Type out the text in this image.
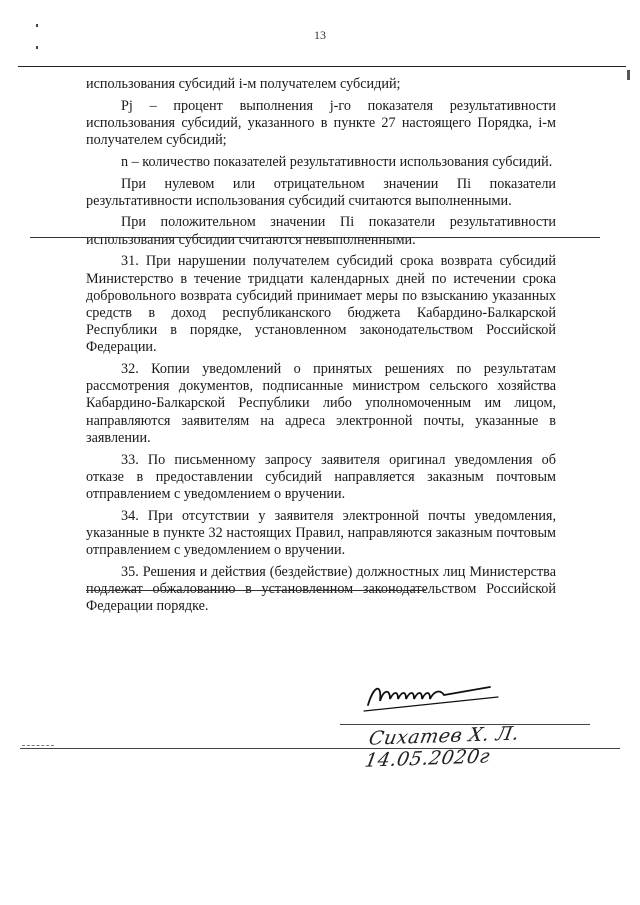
13

использования субсидий i-м получателем субсидий;

Pj – процент выполнения j-го показателя результативности использования субсидий, указанного в пункте 27 настоящего Порядка, i-м получателем субсидий;

n – количество показателей результативности использования субсидий.

При нулевом или отрицательном значении Пi показатели результативности использования субсидий считаются выполненными.

При положительном значении Пi показатели результативности использования субсидии считаются невыполненными.

31. При нарушении получателем субсидий срока возврата субсидий Министерство в течение тридцати календарных дней по истечении срока добровольного возврата субсидий принимает меры по взысканию указанных средств в доход республиканского бюджета Кабардино-Балкарской Республики в порядке, установленном законодательством Российской Федерации.

32. Копии уведомлений о принятых решениях по результатам рассмотрения документов, подписанные министром сельского хозяйства Кабардино-Балкарской Республики либо уполномоченным им лицом, направляются заявителям на адреса электронной почты, указанные в заявлении.

33. По письменному запросу заявителя оригинал уведомления об отказе в предоставлении субсидий направляется заказным почтовым отправлением с уведомлением о вручении.

34. При отсутствии у заявителя электронной почты уведомления, указанные в пункте 32 настоящих Правил, направляются заказным почтовым отправлением с уведомлением о вручении.

35. Решения и действия (бездействие) должностных лиц Министерства подлежат обжалованию в установленном законодательством Российской Федерации порядке.

Сихатев Х. Л. 14.05.2020г
